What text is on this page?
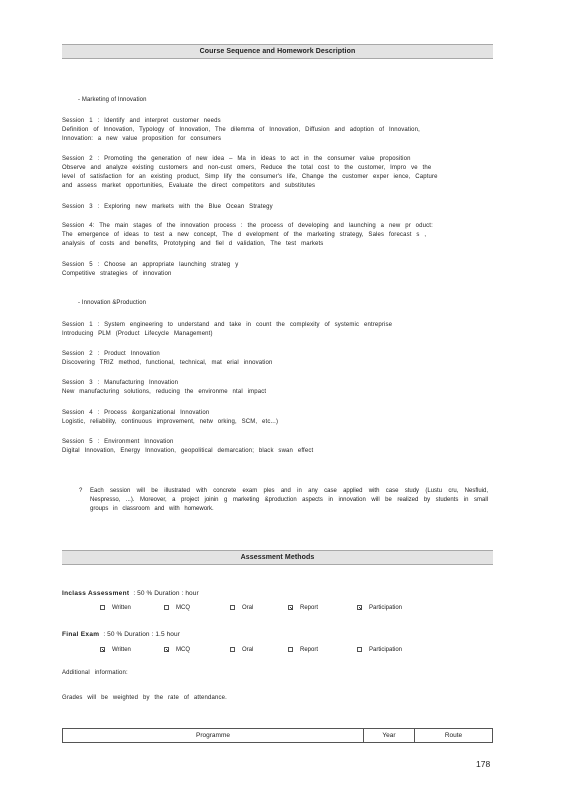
Course Sequence and Homework Description
- Marketing of Innovation

Session 1 : Identify and interpret customer needs

Definition of Innovation, Typology of Innovation, The dilemma of Innovation, Diffusion and adoption of Innovation,

Innovation: a new value proposition for consumers

Session 2 : Promoting the generation of new idea – Ma in ideas to act in the consumer value proposition

Observe and analyze existing customers and non-cust omers, Reduce the total cost to the customer, Impro ve the

level of satisfaction for an existing product, Simp lify the consumer's life, Change the customer exper ience, Capture

and assess market opportunities, Evaluate the direct competitors and substitutes

Session 3 : Exploring new markets with the Blue Ocean Strategy

Session 4: The main stages of the innovation process : the process of developing and launching a new pr oduct:

The emergence of ideas to test a new concept, The d evelopment of the marketing strategy, Sales forecast s ,

analysis of costs and benefits, Prototyping and fiel d validation, The test markets

Session 5 : Choose an appropriate launching strateg y

Competitive strategies of innovation

- Innovation &Production

Session 1 : System engineering to understand and take in count the complexity of systemic entreprise

Introducing PLM (Product Lifecycle Management)

Session 2 : Product Innovation

Discovering TRIZ method, functional, technical, mat erial innovation

Session 3 : Manufacturing Innovation

New manufacturing solutions, reducing the environme ntal impact

Session 4 : Process &organizational Innovation

Logistic, reliability, continuous improvement, netw orking, SCM, etc...)

Session 5 : Environment Innovation

Digital Innovation, Energy Innovation, geopolitical demarcation; black swan effect

? Each session will be illustrated with concrete exam ples and in any case applied with case study (Lustu cru, Nesfluid, Nespresso, ...). Moreover, a project joinin g marketing &production aspects in innovation will be realized by students in small groups in classroom and with homework.
Assessment Methods
Inclass Assessment : 50 % Duration : hour
Written	MCQ	Oral	Report	Participation
Final Exam : 50 % Duration : 1.5 hour
Written	MCQ	Oral	Report	Participation
Additional information:
Grades will be weighted by the rate of attendance.
Programme	Year	Route
178
